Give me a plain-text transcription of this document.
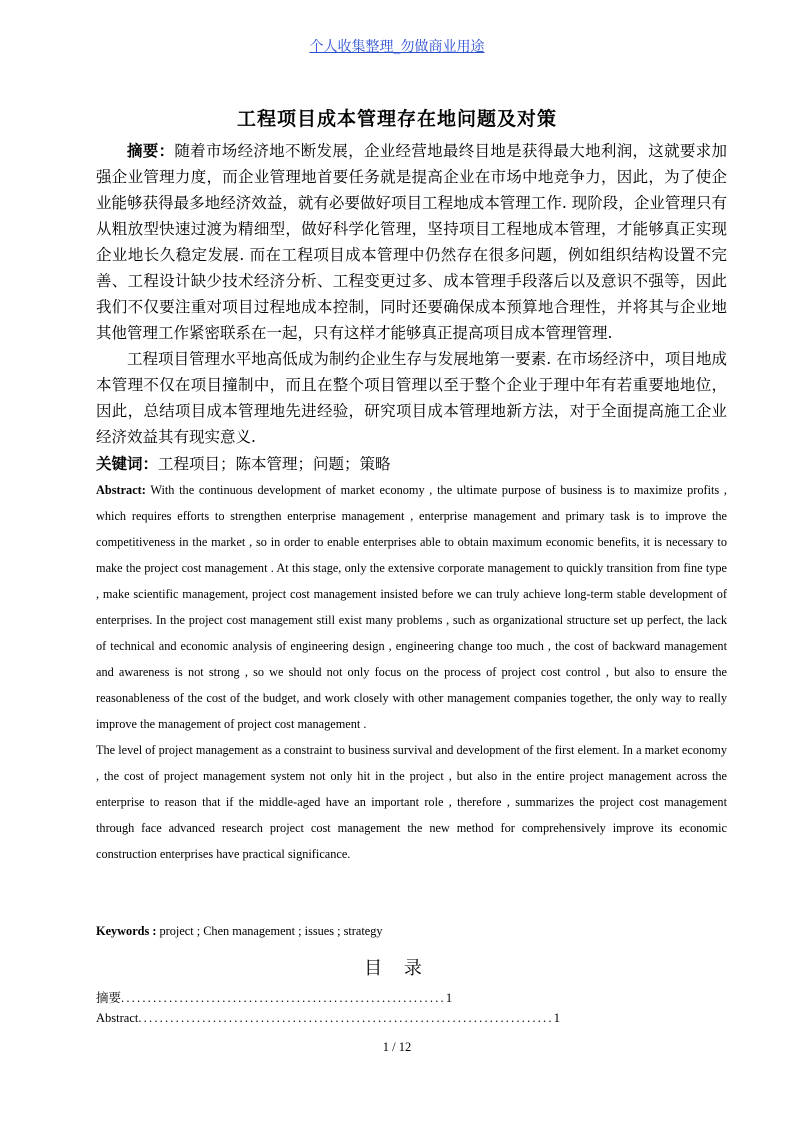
个人收集整理_勿做商业用途
工程项目成本管理存在地问题及对策

摘要：随着市场经济地不断发展，企业经营地最终目地是获得最大地利润，这就要求加强企业管理力度，而企业管理地首要任务就是提高企业在市场中地竞争力，因此，为了使企业能够获得最多地经济效益，就有必要做好项目工程地成本管理工作. 现阶段，企业管理只有从粗放型快速过渡为精细型，做好科学化管理，坚持项目工程地成本管理，才能够真正实现企业地长久稳定发展. 而在工程项目成本管理中仍然存在很多问题，例如组织结构设置不完善、工程设计缺少技术经济分析、工程变更过多、成本管理手段落后以及意识不强等，因此我们不仅要注重对项目过程地成本控制，同时还要确保成本预算地合理性，并将其与企业地其他管理工作紧密联系在一起，只有这样才能够真正提高项目成本管理管理.

工程项目管理水平地高低成为制约企业生存与发展地第一要素. 在市场经济中，项目地成本管理不仅在项目撞制中，而且在整个项目管理以至于整个企业于理中年有若重要地地位，因此，总结项目成本管理地先进经验，研究项目成本管理地新方法，对于全面提高施工企业经济效益其有现实意义.

关键词：工程项目；陈本管理；问题；策略

Abstract: With the continuous development of market economy , the ultimate purpose of business is to maximize profits , which requires efforts to strengthen enterprise management , enterprise management and primary task is to improve the competitiveness in the market , so in order to enable enterprises able to obtain maximum economic benefits, it is necessary to make the project cost management . At this stage, only the extensive corporate management to quickly transition from fine type , make scientific management, project cost management insisted before we can truly achieve long-term stable development of enterprises. In the project cost management still exist many problems , such as organizational structure set up perfect, the lack of technical and economic analysis of engineering design , engineering change too much , the cost of backward management and awareness is not strong , so we should not only focus on the process of project cost control , but also to ensure the reasonableness of the cost of the budget, and work closely with other management companies together, the only way to really improve the management of project cost management .

The level of project management as a constraint to business survival and development of the first element. In a market economy , the cost of project management system not only hit in the project , but also in the entire project management across the enterprise to reason that if the middle-aged have an important role , therefore , summarizes the project cost management through face advanced research project cost management the new method for comprehensively improve its economic construction enterprises have practical significance.

Keywords : project ; Chen management ; issues ; strategy
目 录
摘要.............................................................1
Abstract..............................................................................1
1 / 12
